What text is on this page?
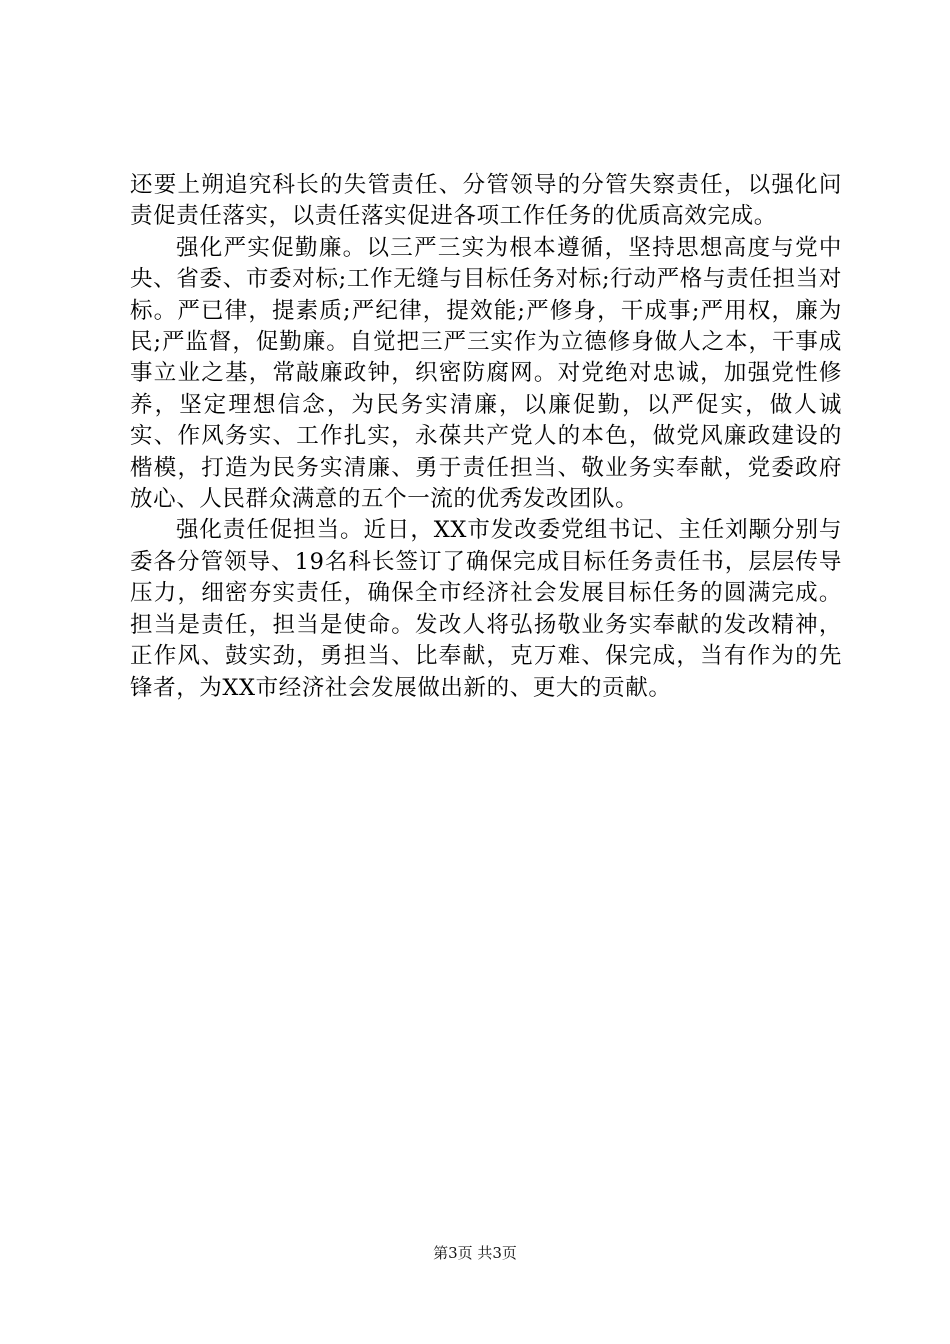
还要上朔追究科长的失管责任、分管领导的分管失察责任，以强化问责促责任落实，以责任落实促进各项工作任务的优质高效完成。

强化严实促勤廉。以三严三实为根本遵循，坚持思想高度与党中央、省委、市委对标;工作无缝与目标任务对标;行动严格与责任担当对标。严已律，提素质;严纪律，提效能;严修身，干成事;严用权，廉为民;严监督，促勤廉。自觉把三严三实作为立德修身做人之本，干事成事立业之基，常敲廉政钟，织密防腐网。对党绝对忠诚，加强党性修养，坚定理想信念，为民务实清廉，以廉促勤，以严促实，做人诚实、作风务实、工作扎实，永葆共产党人的本色，做党风廉政建设的楷模，打造为民务实清廉、勇于责任担当、敬业务实奉献，党委政府放心、人民群众满意的五个一流的优秀发改团队。

强化责任促担当。近日，XX市发改委党组书记、主任刘颙分别与委各分管领导、19名科长签订了确保完成目标任务责任书，层层传导压力，细密夯实责任，确保全市经济社会发展目标任务的圆满完成。担当是责任，担当是使命。发改人将弘扬敬业务实奉献的发改精神，正作风、鼓实劲，勇担当、比奉献，克万难、保完成，当有作为的先锋者，为XX市经济社会发展做出新的、更大的贡献。

第3页 共3页
